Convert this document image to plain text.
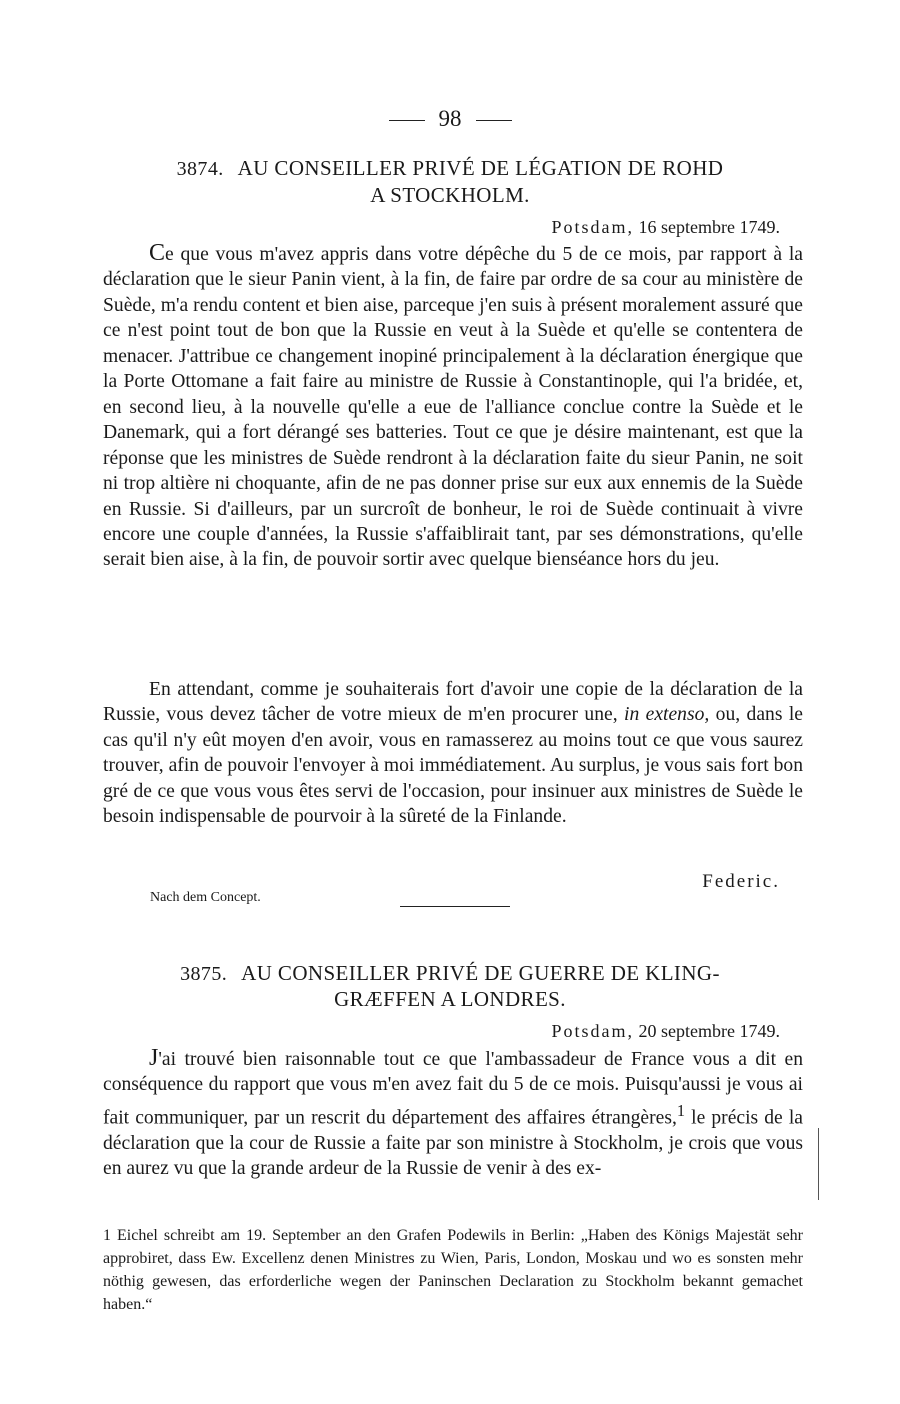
98
3874. AU CONSEILLER PRIVÉ DE LÉGATION DE ROHD
A STOCKHOLM.
Potsdam, 16 septembre 1749.

Ce que vous m'avez appris dans votre dépêche du 5 de ce mois, par rapport à la déclaration que le sieur Panin vient, à la fin, de faire par ordre de sa cour au ministère de Suède, m'a rendu content et bien aise, parceque j'en suis à présent moralement assuré que ce n'est point tout de bon que la Russie en veut à la Suède et qu'elle se contentera de menacer. J'attribue ce changement inopiné principalement à la déclaration énergique que la Porte Ottomane a fait faire au ministre de Russie à Constantinople, qui l'a bridée, et, en second lieu, à la nouvelle qu'elle a eue de l'alliance conclue contre la Suède et le Danemark, qui a fort dérangé ses batteries. Tout ce que je désire maintenant, est que la réponse que les ministres de Suède rendront à la déclaration faite du sieur Panin, ne soit ni trop altière ni choquante, afin de ne pas donner prise sur eux aux ennemis de la Suède en Russie. Si d'ailleurs, par un surcroît de bonheur, le roi de Suède continuait à vivre encore une couple d'années, la Russie s'affaiblirait tant, par ses démonstrations, qu'elle serait bien aise, à la fin, de pouvoir sortir avec quelque bienséance hors du jeu.

En attendant, comme je souhaiterais fort d'avoir une copie de la déclaration de la Russie, vous devez tâcher de votre mieux de m'en procurer une, in extenso, ou, dans le cas qu'il n'y eût moyen d'en avoir, vous en ramasserez au moins tout ce que vous saurez trouver, afin de pouvoir l'envoyer à moi immédiatement. Au surplus, je vous sais fort bon gré de ce que vous vous êtes servi de l'occasion, pour insinuer aux ministres de Suède le besoin indispensable de pourvoir à la sûreté de la Finlande.

Federic.
Nach dem Concept.
3875. AU CONSEILLER PRIVÉ DE GUERRE DE KLING-
GRÆFFEN A LONDRES.
Potsdam, 20 septembre 1749.

J'ai trouvé bien raisonnable tout ce que l'ambassadeur de France vous a dit en conséquence du rapport que vous m'en avez fait du 5 de ce mois. Puisqu'aussi je vous ai fait communiquer, par un rescrit du département des affaires étrangères,$^1$ le précis de la déclaration que la cour de Russie a faite par son ministre à Stockholm, je crois que vous en aurez vu que la grande ardeur de la Russie de venir à des ex-

1 Eichel schreibt am 19. September an den Grafen Podewils in Berlin: „Haben des Königs Majestät sehr approbiret, dass Ew. Excellenz denen Ministres zu Wien, Paris, London, Moskau und wo es sonsten mehr nöthig gewesen, das erforderliche wegen der Paninschen Declaration zu Stockholm bekannt gemachet haben.“
